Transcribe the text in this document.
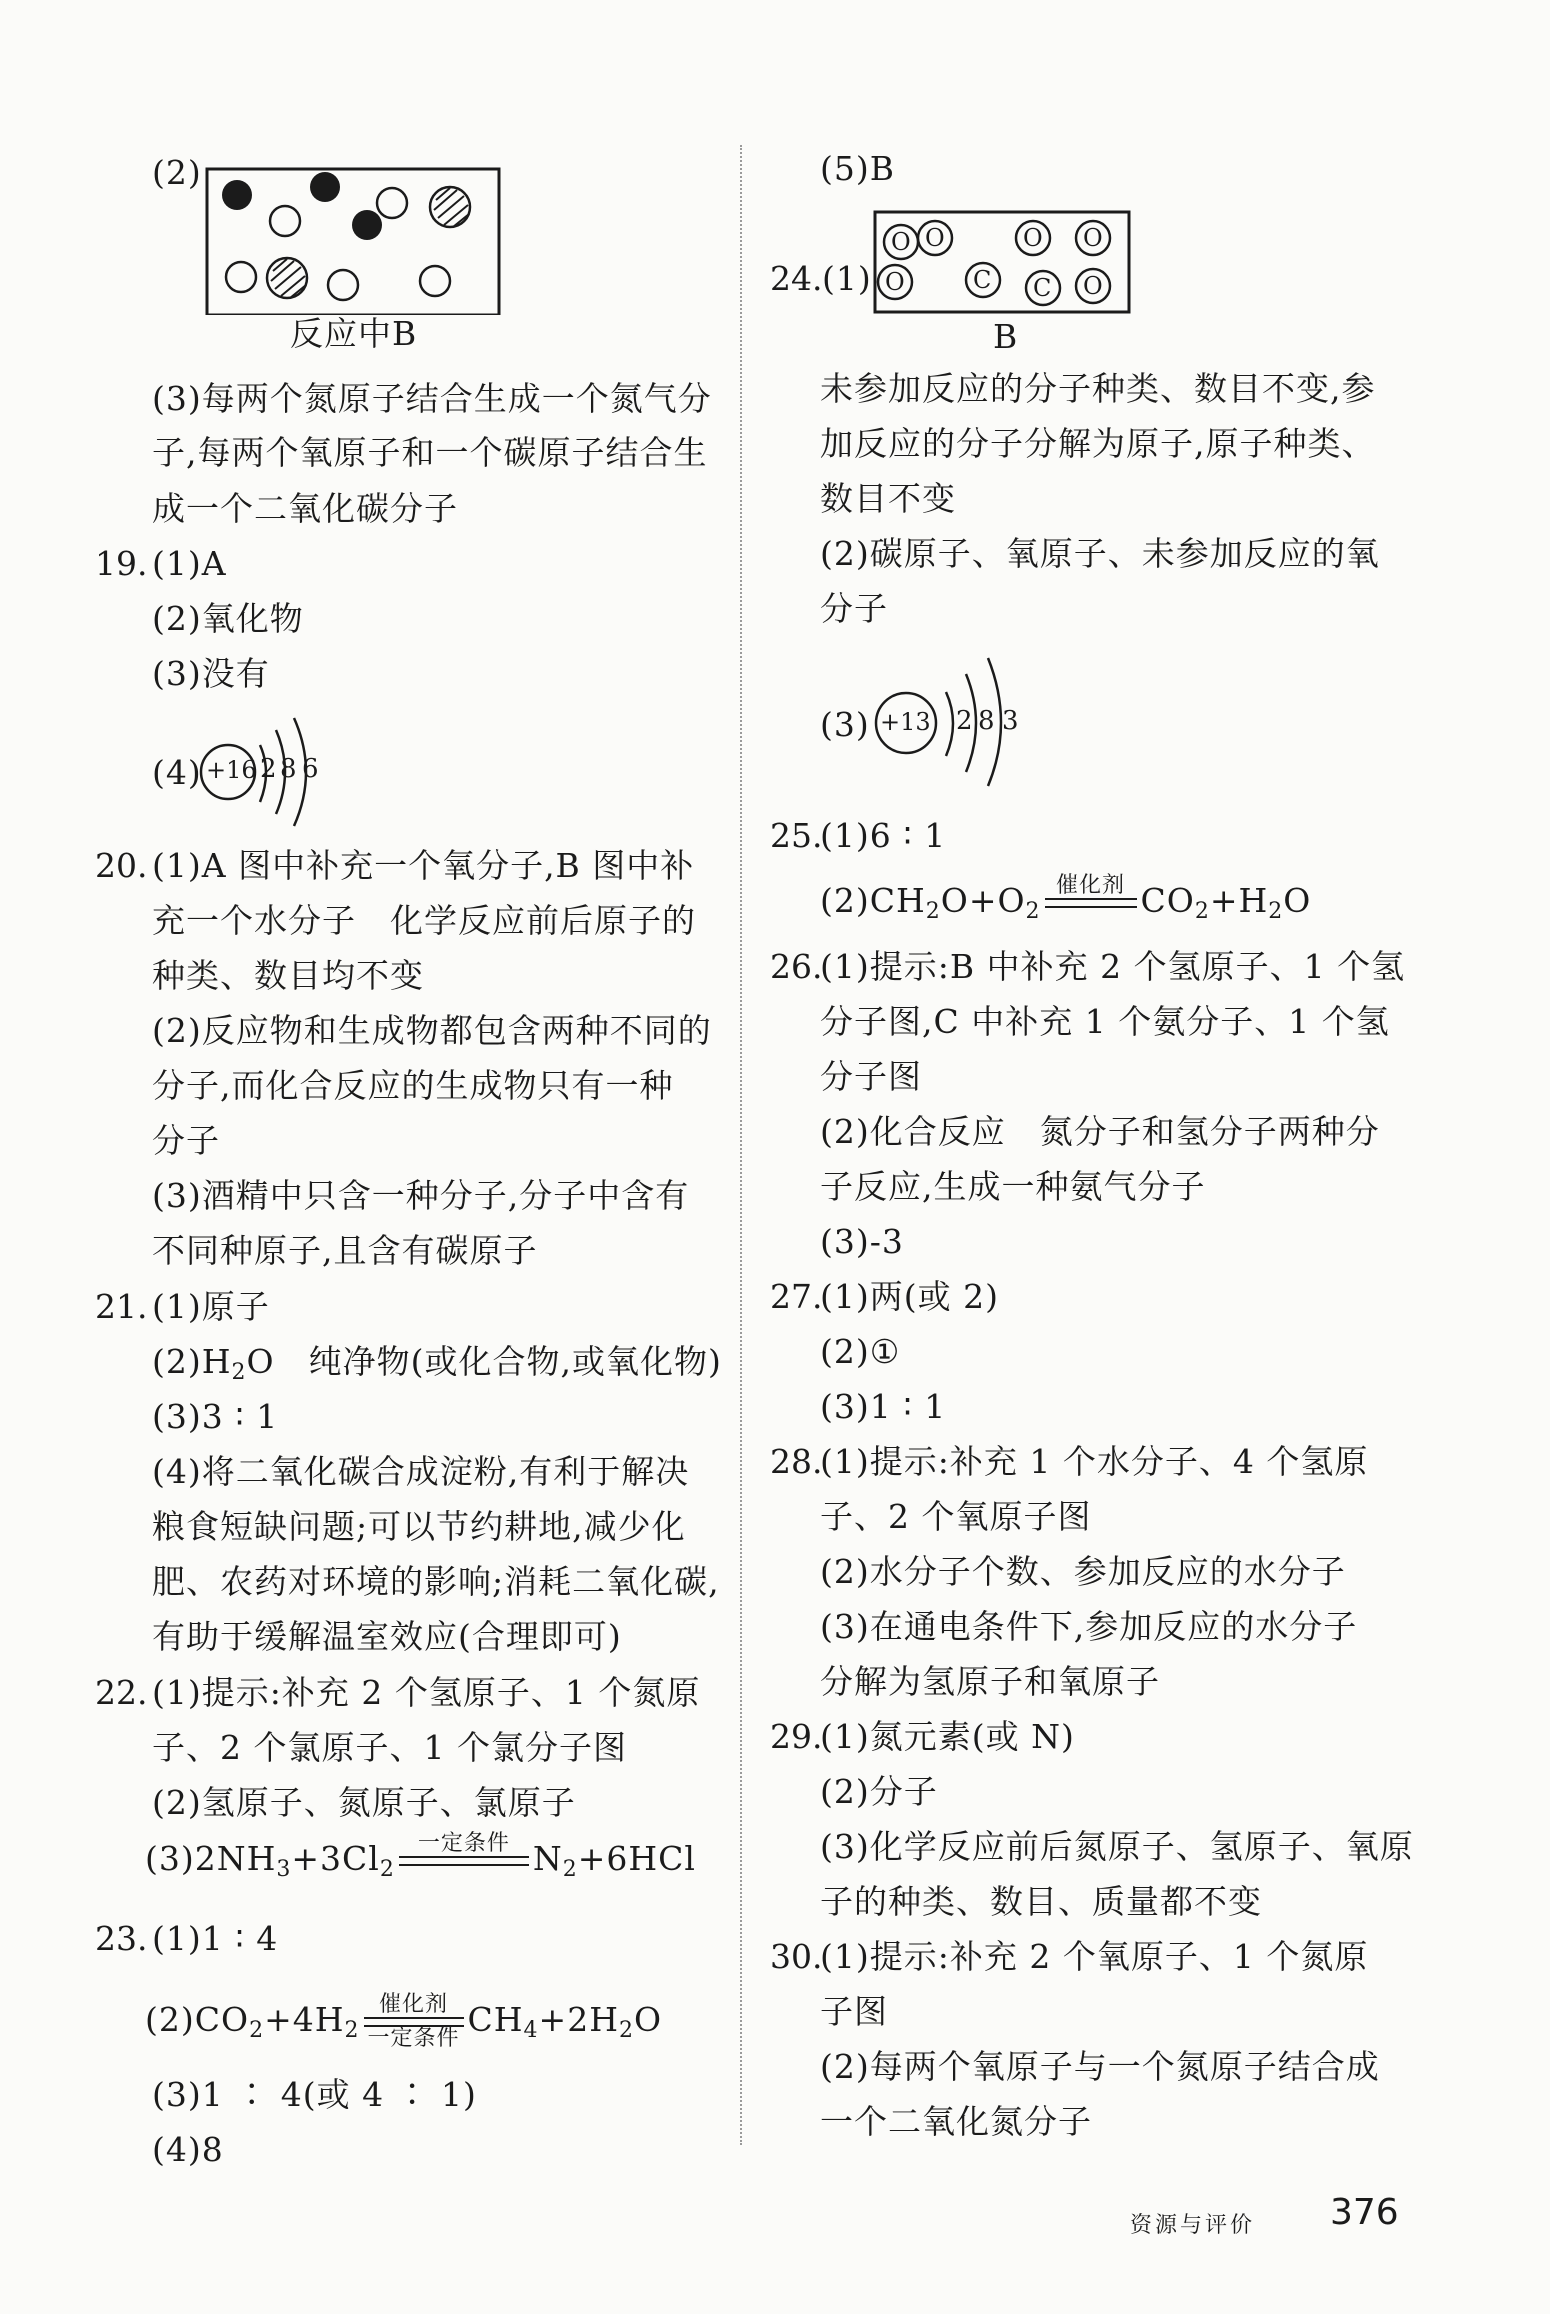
(2)
反应中B
(3)每两个氮原子结合生成一个氮气分
子,每两个氧原子和一个碳原子结合生
成一个二氧化碳分子
19. (1)A
(2)氧化物
(3)没有
(4) +16 2 8 6
20. (1)A 图中补充一个氧分子,B 图中补
充一个水分子　化学反应前后原子的
种类、数目均不变
(2)反应物和生成物都包含两种不同的
分子,而化合反应的生成物只有一种
分子
(3)酒精中只含一种分子,分子中含有
不同种原子,且含有碳原子
21. (1)原子
$(2)H_2O$　纯净物(或化合物,或氧化物)
(3)3 ∶ 1
(4)将二氧化碳合成淀粉,有利于解决
粮食短缺问题;可以节约耕地,减少化
肥、农药对环境的影响;消耗二氧化碳,
有助于缓解温室效应(合理即可)
22. (1)提示:补充 2 个氢原子、1 个氮原
子、2 个氯原子、1 个氯分子图
(2)氢原子、氮原子、氯原子
$(3)2NH_3+3Cl_2$
一定条件 $N_2+6HCl$
23. (1)1 ∶ 4
$(2)CO_2+4H_2$
催化剂
一定条件 $CH_4+2H_2O$
(3)1 ∶ 4(或 4 ∶ 1)
(4)8
(5)B
24. (1)
O O
O
O O
C C O
B
未参加反应的分子种类、数目不变,参
加反应的分子分解为原子,原子种类、
数目不变
(2)碳原子、氧原子、未参加反应的氧
分子
(3) +13 2 8 3
25.
(1)6 ∶ 1
$(2)CH_2O+O_2$
催化剂 $CO_2+H_2O$
26.
(1)提示:B 中补充 2 个氢原子、1 个氢
分子图,C 中补充 1 个氨分子、1 个氢
分子图
(2)化合反应　氮分子和氢分子两种分
子反应,生成一种氨气分子
(3)-3
27.
(1)两(或 2)
(2)①
(3)1 ∶ 1
28.
(1)提示:补充 1 个水分子、4 个氢原
子、2 个氧原子图
(2)水分子个数、参加反应的水分子
(3)在通电条件下,参加反应的水分子
分解为氢原子和氧原子
29.
(1)氮元素(或 N)
(2)分子
(3)化学反应前后氮原子、氢原子、氧原
子的种类、数目、质量都不变
30.
(1)提示:补充 2 个氧原子、1 个氮原
子图
(2)每两个氧原子与一个氮原子结合成
一个二氧化氮分子
资源与评价 376
